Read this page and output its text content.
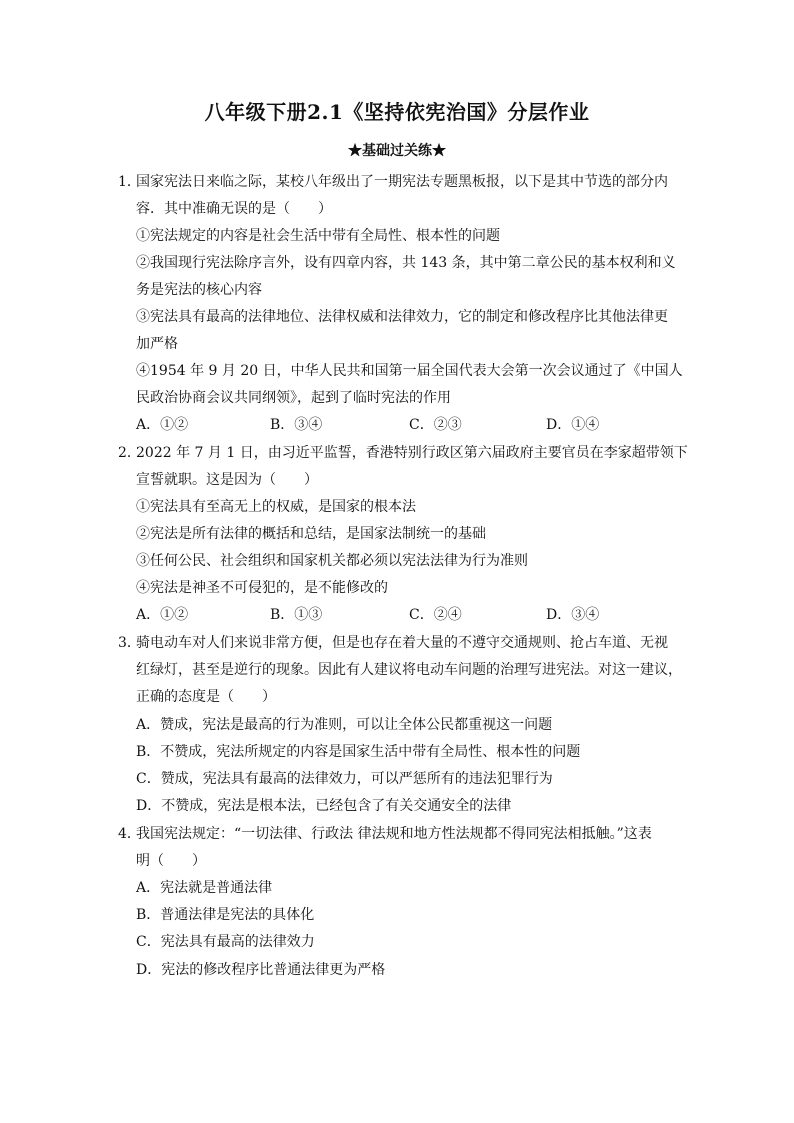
八年级下册2.1《坚持依宪治国》分层作业
★基础过关练★
1．
国家宪法日来临之际，某校八年级出了一期宪法专题黑板报，以下是其中节选的部分内
容．其中准确无误的是（　　）
①宪法规定的内容是社会生活中带有全局性、根本性的问题
②我国现行宪法除序言外，设有四章内容，共 143 条，其中第二章公民的基本权利和义
务是宪法的核心内容
③宪法具有最高的法律地位、法律权威和法律效力，它的制定和修改程序比其他法律更
加严格
④1954 年 9 月 20 日，中华人民共和国第一届全国代表大会第一次会议通过了《中国人
民政治协商会议共同纲领》，起到了临时宪法的作用
A．①②	B．③④	C．②③	D．①④
2．
2022 年 7 月 1 日，由习近平监誓，香港特别行政区第六届政府主要官员在李家超带领下
宣誓就职。这是因为（　　）
①宪法具有至高无上的权威，是国家的根本法
②宪法是所有法律的概括和总结，是国家法制统一的基础
③任何公民、社会组织和国家机关都必须以宪法法律为行为准则
④宪法是神圣不可侵犯的，是不能修改的
A．①②	B．①③	C．②④	D．③④
3．
骑电动车对人们来说非常方便，但是也存在着大量的不遵守交通规则、抢占车道、无视
红绿灯，甚至是逆行的现象。因此有人建议将电动车问题的治理写进宪法。对这一建议，
正确的态度是（　　）
A．赞成，宪法是最高的行为准则，可以让全体公民都重视这一问题
B．不赞成，宪法所规定的内容是国家生活中带有全局性、根本性的问题
C．赞成，宪法具有最高的法律效力，可以严惩所有的违法犯罪行为
D．不赞成，宪法是根本法，已经包含了有关交通安全的法律
4．
我国宪法规定：“一切法律、行政法 律法规和地方性法规都不得同宪法相抵触。”这表
明（　　）
A．宪法就是普通法律
B．普通法律是宪法的具体化
C．宪法具有最高的法律效力
D．宪法的修改程序比普通法律更为严格
